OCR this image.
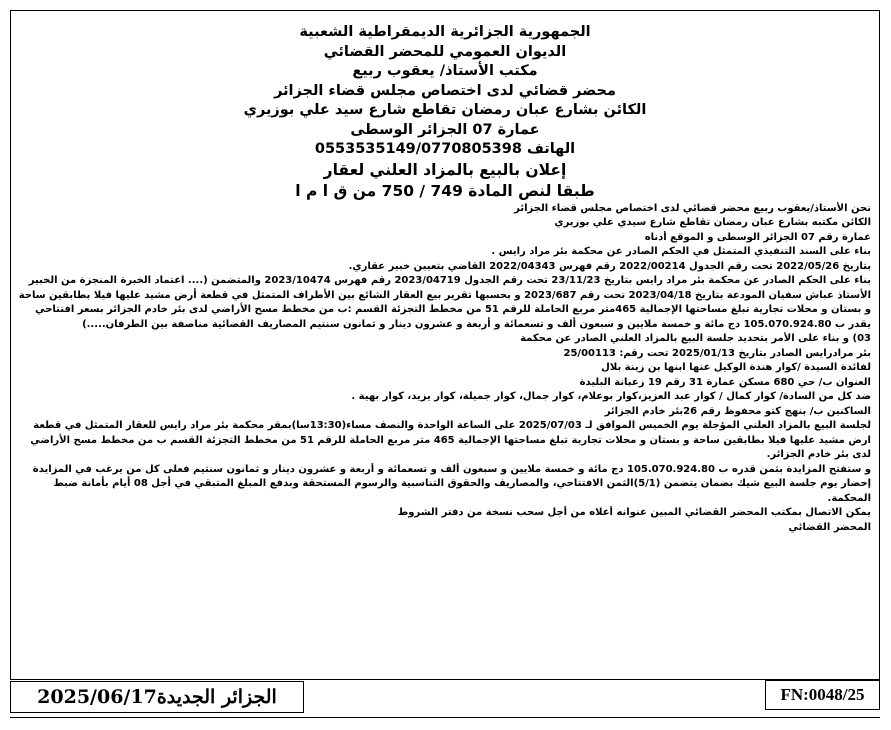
الجمهورية الجزائرية الديمقراطية الشعبية
الديوان العمومي للمحضر القضائي
مكتب الأستاذ/ يعقوب ربيع
محضر قضائي لدى اختصاص مجلس قضاء الجزائر
الكائن بشارع عبان رمضان تقاطع شارع سيد علي بوزيري
عمارة 07 الجزائر الوسطى
الهاتف 0553535149/0770805398
إعلان بالبيع بالمزاد العلني لعقار
طبقا لنص المادة 749 / 750 من ق ا م ا

نحن الأستاذ/يعقوب ربيع محضر قضائي لدى اختصاص مجلس قضاء الجزائر

الكائن مكتبه بشارع عبان رمضان تقاطع شارع سيدي علي بوزيري

عمارة رقم 07 الجزائر الوسطى و الموقع أدناه

بناء على السند التنفيذي المتمثل في الحكم الصادر عن محكمة بئر مراد رايس .

بتاريخ 2022/05/26 تحت رقم الجدول 2022/00214 رقم فهرس 2022/04343 القاضي بتعيين خبير عقاري.

بناء على الحكم الصادر عن محكمة بئر مراد رايس بتاريخ 23/11/23 تحت رقم الجدول 2023/04719 رقم فهرس 2023/10474 والمتضمن (.... اعتماد الخبرة المنجزة من الخبير الأستاذ عباش سفيان المودعة بتاريخ 2023/04/18 تحت رقم 2023/687 و بحسبها تقرير بيع العقار الشائع بين الأطراف المتمثل في قطعة أرض مشيد عليها فيلا بطابقين ساحة و بستان و محلات تجارية تبلغ مساحتها الإجمالية 465متر مربع الحاملة للرقم 51 من مخطط التجزئة القسم :ب من مخطط مسح الأراضي لدى بئر خادم الجزائر بسعر افتتاحي يقدر ب 105.070.924.80 دج مائة و خمسة ملايين و سبعون ألف و تسعمائة و أربعة و عشرون دينار و ثمانون سنتيم المصاريف القضائية مناصفة بين الطرفان.....)

03) و بناء على الأمر بتحديد جلسة البيع بالمزاد العلني الصادر عن محكمة

بئر مرادرايس الصادر بتاريخ 2025/01/13 تحت رقم: 25/00113

لفائدة السيدة /كوار هندة الوكيل عنها ابنها بن زينة بلال

العنوان ب/ حي 680 مسكن عمارة 31 رقم 19 زعبانة البليدة

ضد كل من السادة/ كوار كمال / كوار عبد العزيز،كوار بوعلام، كوار جمال، كوار جميلة، كوار يزيد، كوار بهية .

الساكنين ب/ بنهج كتو محفوظ رقم 26بئر خادم الجزائر

لجلسة البيع بالمزاد العلني المؤجلة يوم الخميس الموافق لـ 2025/07/03 على الساعة الواحدة والنصف مساء(13:30سا)بمقر محكمة بئر مراد رايس للعقار المتمثل في قطعة ارض مشيد عليها فيلا بطابقين ساحة و بستان و محلات تجارية تبلغ مساحتها الإجمالية 465 متر مربع الحاملة للرقم 51 من مخطط التجزئة القسم ب من مخطط مسح الأراضي لدى بئر خادم الجزائر.

و ستفتح المزايدة بثمن قدره ب 105.070.924.80 دج مائة و خمسة ملايين و سبعون ألف و تسعمائة و أربعة و عشرون دينار و ثمانون سنتيم فعلى كل من يرغب في المزايدة إحضار يوم جلسة البيع شيك بضمان يتضمن (5/1)الثمن الافتتاحي، والمصاريف والحقوق التناسبية والرسوم المستحقة وبدفع المبلغ المتبقي في أجل 08 أيام بأمانة ضبط المحكمة.

يمكن الاتصال بمكتب المحضر القضائي المبين عنوانه أعلاه من أجل سحب نسخة من دفتر الشروط

المحضر القضائي

الجزائر الجديدة2025/06/17	FN:0048/25
